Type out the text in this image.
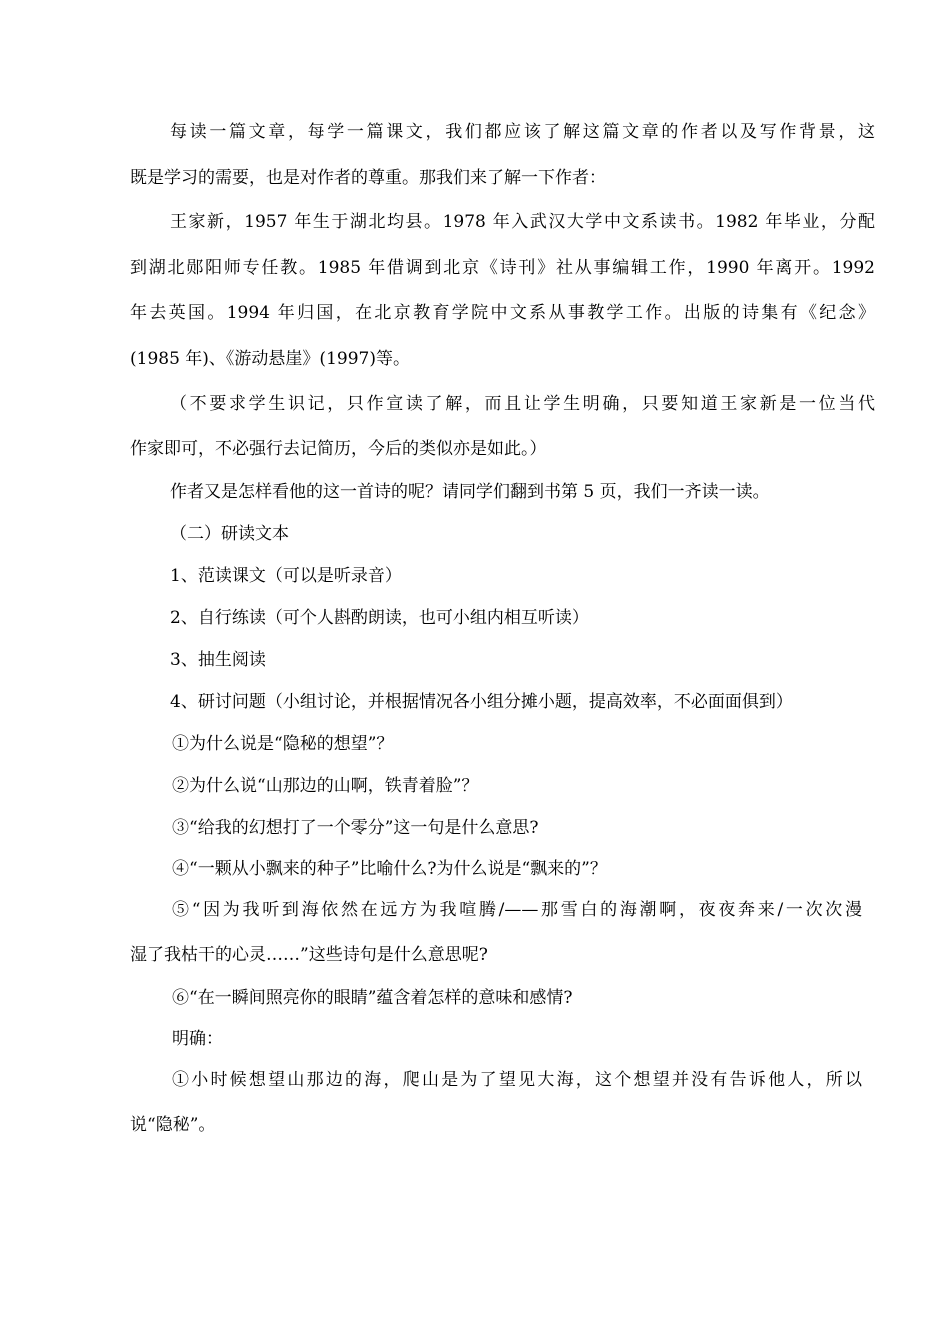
每读一篇文章，每学一篇课文，我们都应该了解这篇文章的作者以及写作背景，这
既是学习的需要，也是对作者的尊重。那我们来了解一下作者：
王家新，1957 年生于湖北均县。1978 年入武汉大学中文系读书。1982 年毕业，分配
到湖北郧阳师专任教。1985 年借调到北京《诗刊》社从事编辑工作，1990 年离开。1992
年去英国。1994 年归国，在北京教育学院中文系从事教学工作。出版的诗集有《纪念》
(1985 年)、《游动悬崖》(1997)等。
（不要求学生识记，只作宣读了解，而且让学生明确，只要知道王家新是一位当代
作家即可，不必强行去记简历，今后的类似亦是如此。）
作者又是怎样看他的这一首诗的呢？请同学们翻到书第 5 页，我们一齐读一读。
（二）研读文本
1、范读课文（可以是听录音）
2、自行练读（可个人斟酌朗读，也可小组内相互听读）
3、抽生阅读
4、研讨问题（小组讨论，并根据情况各小组分摊小题，提高效率，不必面面俱到）
①为什么说是“隐秘的想望”？
②为什么说“山那边的山啊，铁青着脸”？
③“给我的幻想打了一个零分”这一句是什么意思?
④“一颗从小飘来的种子”比喻什么?为什么说是“飘来的”？
⑤“因为我听到海依然在远方为我喧腾/——那雪白的海潮啊，夜夜奔来/一次次漫
湿了我枯干的心灵……”这些诗句是什么意思呢?
⑥“在一瞬间照亮你的眼睛”蕴含着怎样的意味和感情?
明确：
①小时候想望山那边的海，爬山是为了望见大海，这个想望并没有告诉他人，所以
说“隐秘”。
